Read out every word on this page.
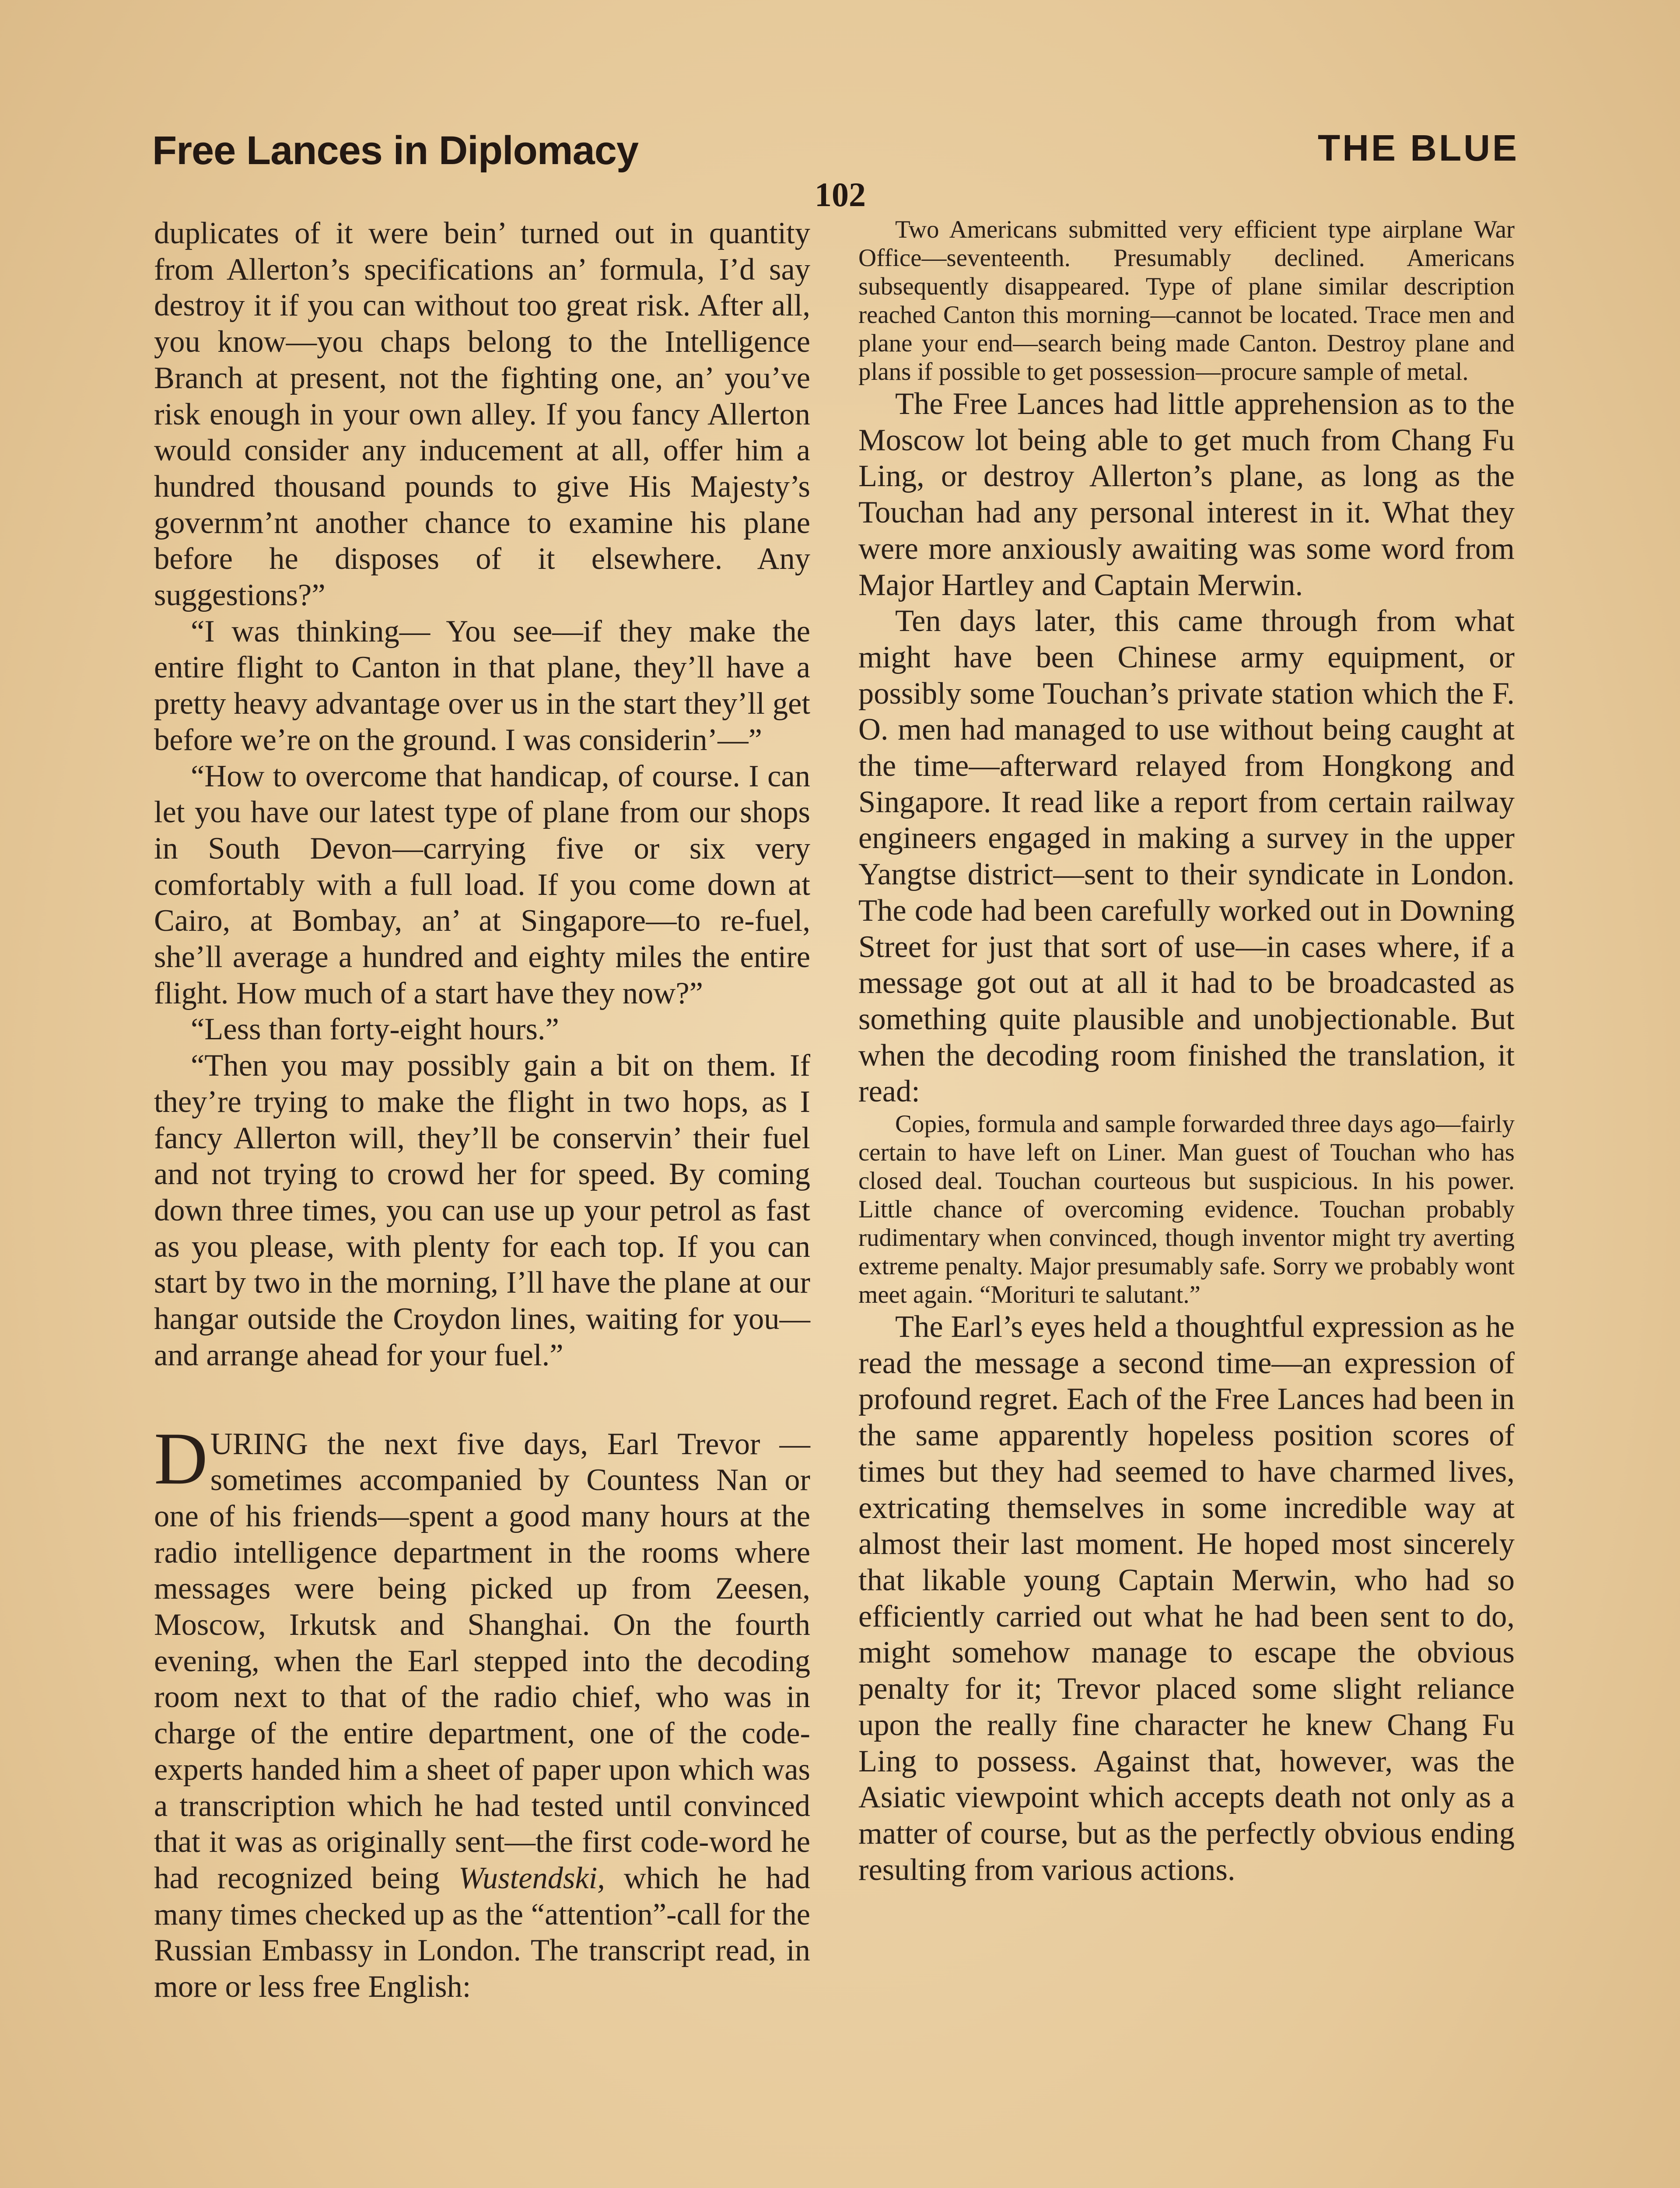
Free Lances in Diplomacy	THE BLUE
102

duplicates of it were bein’ turned out in quantity from Allerton’s specifications an’ formula, I’d say destroy it if you can without too great risk. After all, you know—you chaps belong to the Intelligence Branch at present, not the fighting one, an’ you’ve risk enough in your own alley. If you fancy Allerton would consider any inducement at all, offer him a hundred thousand pounds to give His Majesty’s governm’nt another chance to examine his plane before he disposes of it elsewhere. Any suggestions?”

“I was thinking— You see—if they make the entire flight to Canton in that plane, they’ll have a pretty heavy advantage over us in the start they’ll get before we’re on the ground. I was considerin’—”

“How to overcome that handicap, of course. I can let you have our latest type of plane from our shops in South Devon—carrying five or six very comfortably with a full load. If you come down at Cairo, at Bombay, an’ at Singapore—to re-fuel, she’ll average a hundred and eighty miles the entire flight. How much of a start have they now?”

“Less than forty-eight hours.”

“Then you may possibly gain a bit on them. If they’re trying to make the flight in two hops, as I fancy Allerton will, they’ll be conservin’ their fuel and not trying to crowd her for speed. By coming down three times, you can use up your petrol as fast as you please, with plenty for each top. If you can start by two in the morning, I’ll have the plane at our hangar outside the Croydon lines, waiting for you—and arrange ahead for your fuel.”

DURING the next five days, Earl Trevor —sometimes accompanied by Countess Nan or one of his friends—spent a good many hours at the radio intelligence department in the rooms where messages were being picked up from Zeesen, Moscow, Irkutsk and Shanghai. On the fourth evening, when the Earl stepped into the decoding room next to that of the radio chief, who was in charge of the entire department, one of the code-experts handed him a sheet of paper upon which was a transcription which he had tested until convinced that it was as originally sent—the first code-word he had recognized being Wustendski, which he had many times checked up as the “attention”-call for the Russian Embassy in London. The transcript read, in more or less free English:

Two Americans submitted very efficient type airplane War Office—seventeenth. Presumably declined. Americans subsequently disappeared. Type of plane similar description reached Canton this morning—cannot be located. Trace men and plane your end—search being made Canton. Destroy plane and plans if possible to get possession—procure sample of metal.

The Free Lances had little apprehension as to the Moscow lot being able to get much from Chang Fu Ling, or destroy Allerton’s plane, as long as the Touchan had any personal interest in it. What they were more anxiously awaiting was some word from Major Hartley and Captain Merwin.

Ten days later, this came through from what might have been Chinese army equipment, or possibly some Touchan’s private station which the F. O. men had managed to use without being caught at the time—afterward relayed from Hongkong and Singapore. It read like a report from certain railway engineers engaged in making a survey in the upper Yangtse district—sent to their syndicate in London. The code had been carefully worked out in Downing Street for just that sort of use—in cases where, if a message got out at all it had to be broadcasted as something quite plausible and unobjectionable. But when the decoding room finished the translation, it read:

Copies, formula and sample forwarded three days ago—fairly certain to have left on Liner. Man guest of Touchan who has closed deal. Touchan courteous but suspicious. In his power. Little chance of overcoming evidence. Touchan probably rudimentary when convinced, though inventor might try averting extreme penalty. Major presumably safe. Sorry we probably wont meet again. “Morituri te salutant.”

The Earl’s eyes held a thoughtful expression as he read the message a second time—an expression of profound regret. Each of the Free Lances had been in the same apparently hopeless position scores of times but they had seemed to have charmed lives, extricating themselves in some incredible way at almost their last moment. He hoped most sincerely that likable young Captain Merwin, who had so efficiently carried out what he had been sent to do, might somehow manage to escape the obvious penalty for it; Trevor placed some slight reliance upon the really fine character he knew Chang Fu Ling to possess. Against that, however, was the Asiatic viewpoint which accepts death not only as a matter of course, but as the perfectly obvious ending resulting from various actions.
